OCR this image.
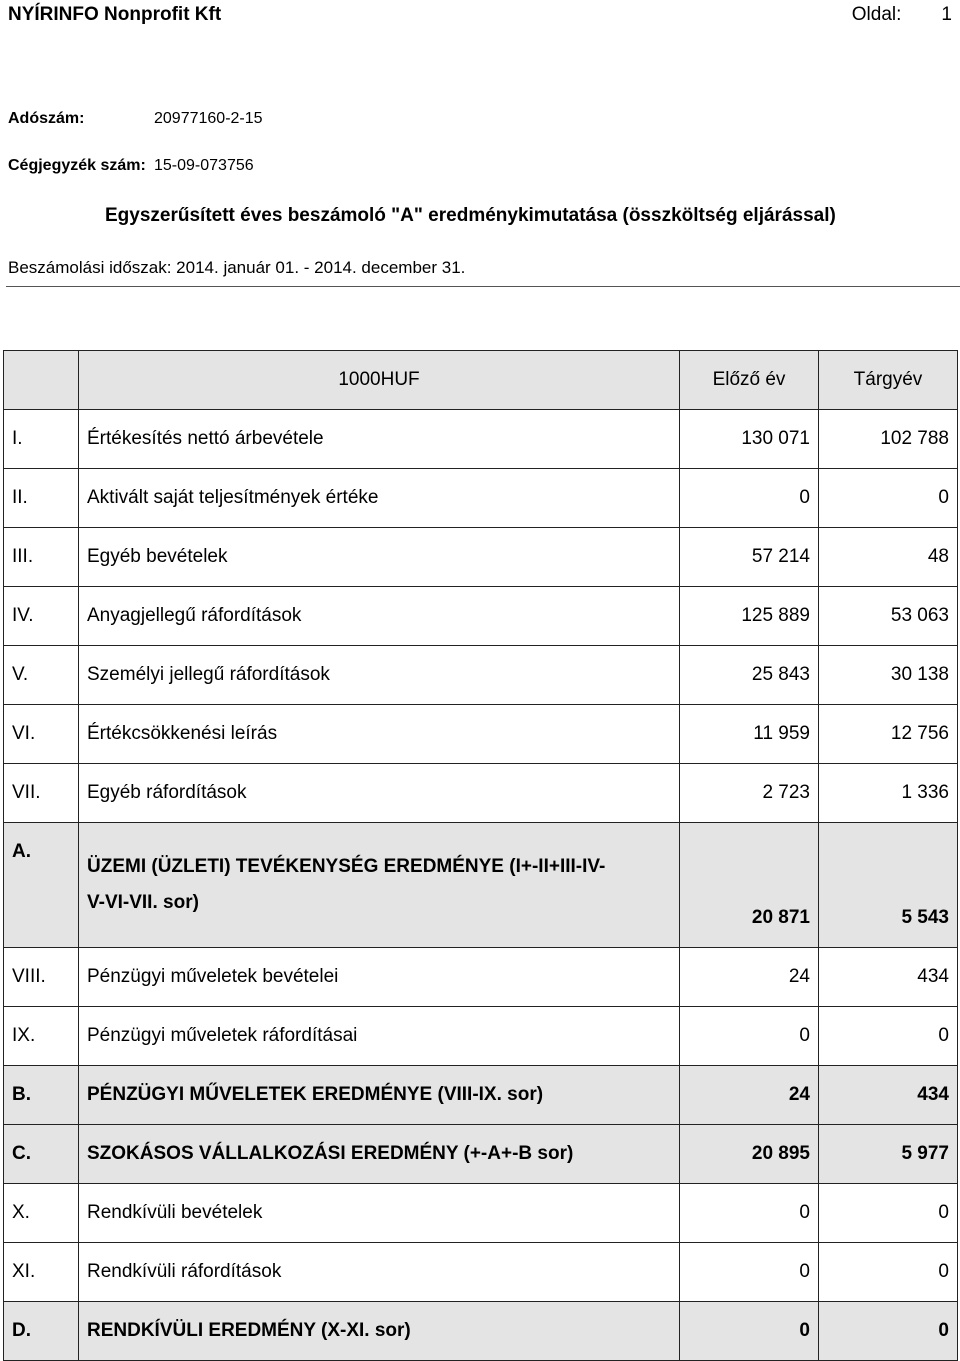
NYÍRINFO Nonprofit Kft	Oldal: 1
Adószám:	20977160-2-15
Cégjegyzék szám: 15-09-073756
Egyszerűsített éves beszámoló "A" eredménykimutatása (összköltség eljárással)
Beszámolási időszak: 2014. január 01. - 2014. december 31.
	1000HUF	Előző év	Tárgyév
I.	Értékesítés nettó árbevétele	130 071	102 788
II.	Aktivált saját teljesítmények értéke	0	0
III.	Egyéb bevételek	57 214	48
IV.	Anyagjellegű ráfordítások	125 889	53 063
V.	Személyi jellegű ráfordítások	25 843	30 138
VI.	Értékcsökkenési leírás	11 959	12 756
VII.	Egyéb ráfordítások	2 723	1 336
A.	ÜZEMI (ÜZLETI) TEVÉKENYSÉG EREDMÉNYE (I+-II+III-IV-V-VI-VII. sor)	20 871	5 543
VIII.	Pénzügyi műveletek bevételei	24	434
IX.	Pénzügyi műveletek ráfordításai	0	0
B.	PÉNZÜGYI MŰVELETEK EREDMÉNYE (VIII-IX. sor)	24	434
C.	SZOKÁSOS VÁLLALKOZÁSI EREDMÉNY (+-A+-B sor)	20 895	5 977
X.	Rendkívüli bevételek	0	0
XI.	Rendkívüli ráfordítások	0	0
D.	RENDKÍVÜLI EREDMÉNY (X-XI. sor)	0	0
